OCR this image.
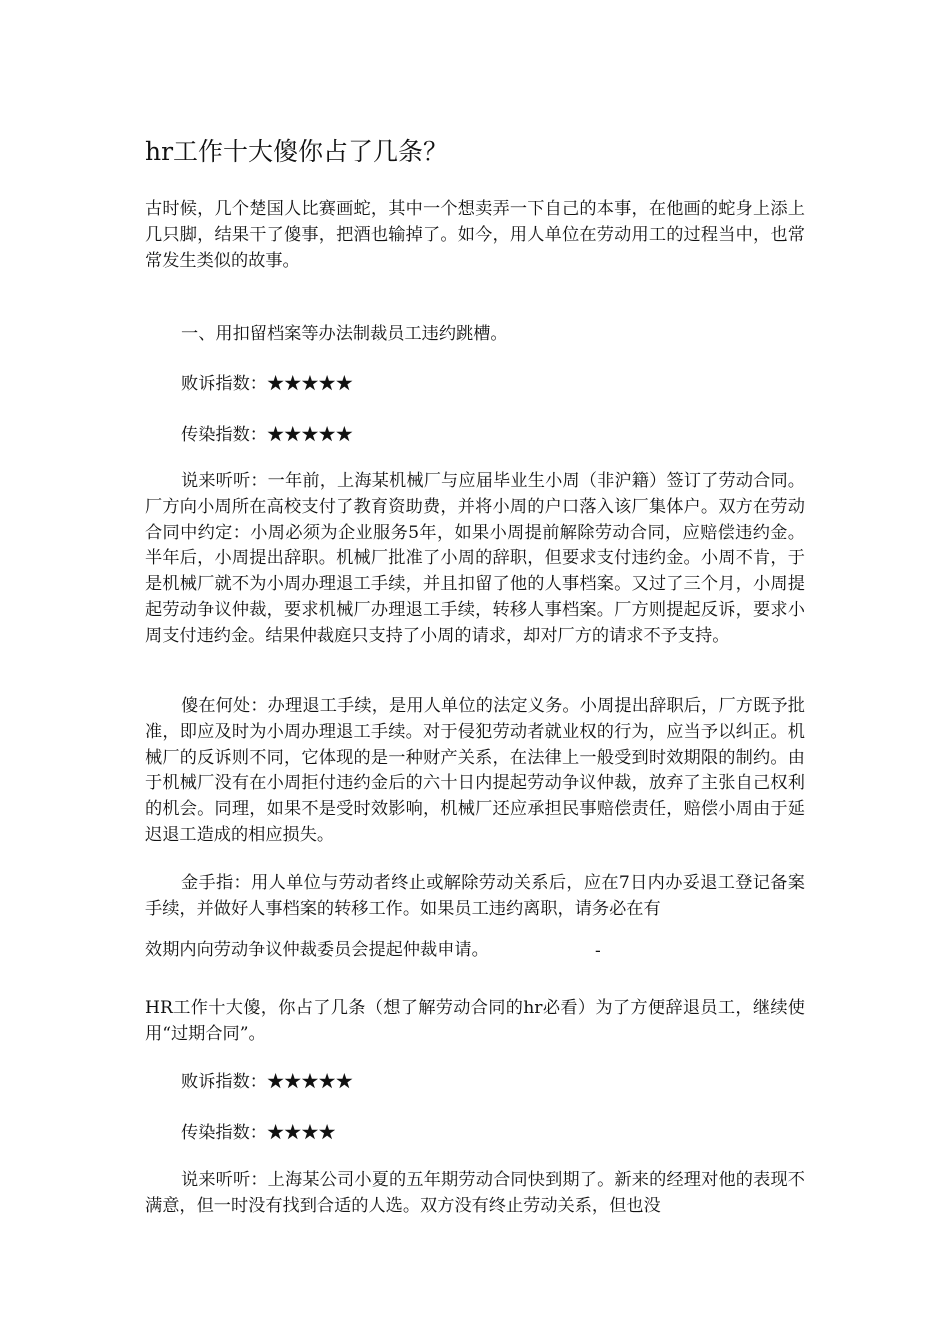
hr工作十大傻你占了几条？

古时候，几个楚国人比赛画蛇，其中一个想卖弄一下自己的本事，在他画的蛇身上添上几只脚，结果干了傻事，把酒也输掉了。如今，用人单位在劳动用工的过程当中，也常常发生类似的故事。

一、用扣留档案等办法制裁员工违约跳槽。

败诉指数：★★★★★

传染指数：★★★★★

说来听听：一年前，上海某机械厂与应届毕业生小周（非沪籍）签订了劳动合同。厂方向小周所在高校支付了教育资助费，并将小周的户口落入该厂集体户。双方在劳动合同中约定：小周必须为企业服务5年，如果小周提前解除劳动合同，应赔偿违约金。半年后，小周提出辞职。机械厂批准了小周的辞职，但要求支付违约金。小周不肯，于是机械厂就不为小周办理退工手续，并且扣留了他的人事档案。又过了三个月，小周提起劳动争议仲裁，要求机械厂办理退工手续，转移人事档案。厂方则提起反诉，要求小周支付违约金。结果仲裁庭只支持了小周的请求，却对厂方的请求不予支持。

傻在何处：办理退工手续，是用人单位的法定义务。小周提出辞职后，厂方既予批准，即应及时为小周办理退工手续。对于侵犯劳动者就业权的行为，应当予以纠正。机械厂的反诉则不同，它体现的是一种财产关系，在法律上一般受到时效期限的制约。由于机械厂没有在小周拒付违约金后的六十日内提起劳动争议仲裁，放弃了主张自己权利的机会。同理，如果不是受时效影响，机械厂还应承担民事赔偿责任，赔偿小周由于延迟退工造成的相应损失。

金手指：用人单位与劳动者终止或解除劳动关系后，应在7日内办妥退工登记备案手续，并做好人事档案的转移工作。如果员工违约离职，请务必在有

效期内向劳动争议仲裁委员会提起仲裁申请。	-

HR工作十大傻，你占了几条（想了解劳动合同的hr必看）为了方便辞退员工，继续使用“过期合同”。

败诉指数：★★★★★

传染指数：★★★★

说来听听：上海某公司小夏的五年期劳动合同快到期了。新来的经理对他的表现不满意，但一时没有找到合适的人选。双方没有终止劳动关系，但也没
